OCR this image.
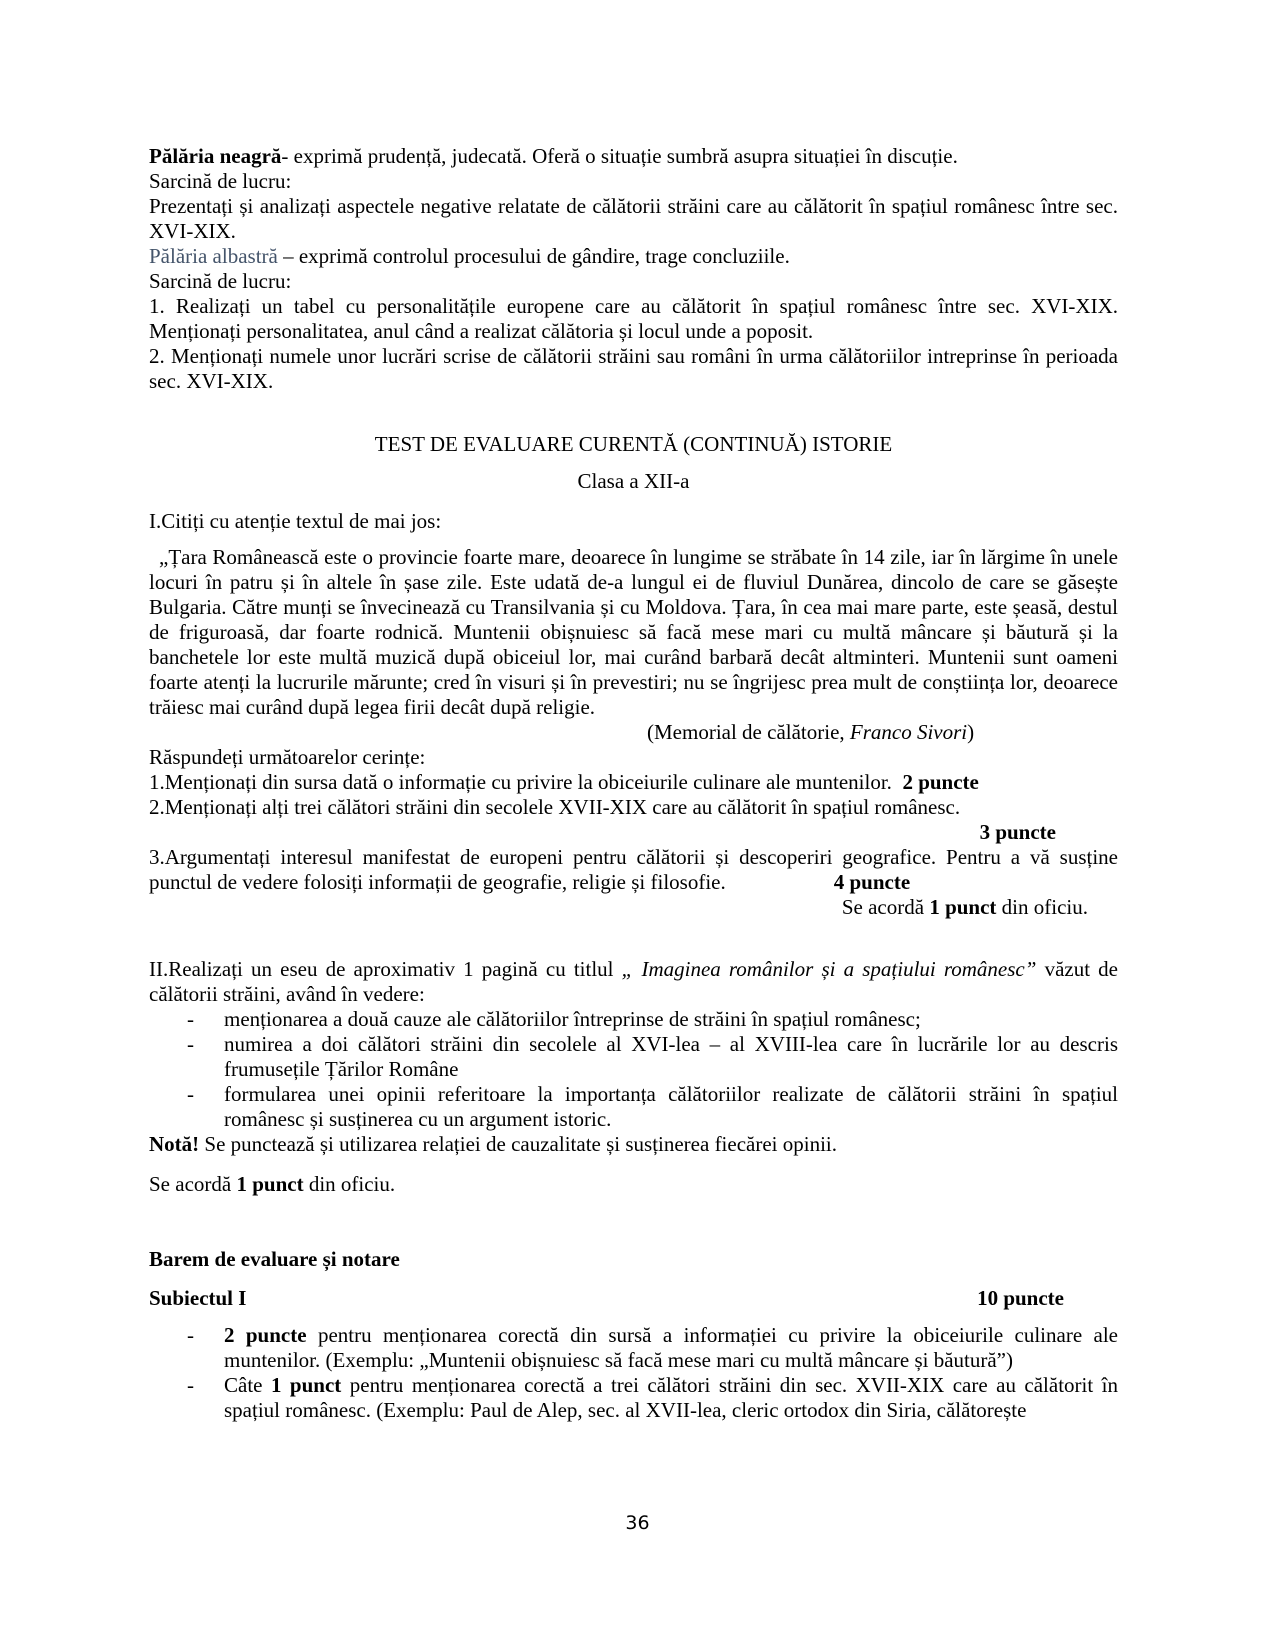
Pălăria neagră- exprimă prudență, judecată. Oferă o situație sumbră asupra situației în discuție.

Sarcină de lucru:

Prezentați și analizați aspectele negative relatate de călătorii străini care au călătorit în spațiul românesc între sec. XVI-XIX.

Pălăria albastră – exprimă controlul procesului de gândire, trage concluziile.

Sarcină de lucru:

1. Realizați un tabel cu personalitățile europene care au călătorit în spațiul românesc între sec. XVI-XIX. Menționați personalitatea, anul când a realizat călătoria și locul unde a poposit.

2. Menționați numele unor lucrări scrise de călătorii străini sau români în urma călătoriilor intreprinse în perioada sec. XVI-XIX.

TEST DE EVALUARE CURENTĂ (CONTINUĂ) ISTORIE
Clasa a XII-a
I.Citiți cu atenție textul de mai jos:

„Țara Românească este o provincie foarte mare, deoarece în lungime se străbate în 14 zile, iar în lărgime în unele locuri în patru și în altele în șase zile. Este udată de-a lungul ei de fluviul Dunărea, dincolo de care se găsește Bulgaria. Către munți se învecinează cu Transilvania și cu Moldova. Țara, în cea mai mare parte, este șeasă, destul de friguroasă, dar foarte rodnică. Muntenii obișnuiesc să facă mese mari cu multă mâncare și băutură și la banchetele lor este multă muzică după obiceiul lor, mai curând barbară decât altminteri. Muntenii sunt oameni foarte atenți la lucrurile mărunte; cred în visuri și în prevestiri; nu se îngrijesc prea mult de conștiința lor, deoarece trăiesc mai curând după legea firii decât după religie.

(Memorial de călătorie, Franco Sivori)

Răspundeți următoarelor cerințe:

1.Menționați din sursa dată o informație cu privire la obiceiurile culinare ale muntenilor. 2 puncte

2.Menționați alți trei călători străini din secolele XVII-XIX care au călătorit în spațiul românesc.

3 puncte

3.Argumentați interesul manifestat de europeni pentru călătorii și descoperiri geografice. Pentru a vă susține punctul de vedere folosiți informații de geografie, religie și filosofie.	4 puncte

Se acordă 1 punct din oficiu.

II.Realizați un eseu de aproximativ 1 pagină cu titlul „ Imaginea românilor și a spațiului românesc” văzut de călătorii străini, având în vedere:

- menționarea a două cauze ale călătoriilor întreprinse de străini în spațiul românesc;
- numirea a doi călători străini din secolele al XVI-lea – al XVIII-lea care în lucrările lor au descris frumusețile Țărilor Române
- formularea unei opinii referitoare la importanța călătoriilor realizate de călătorii străini în spațiul românesc și susținerea cu un argument istoric.

Notă! Se punctează și utilizarea relației de cauzalitate și susținerea fiecărei opinii.

Se acordă 1 punct din oficiu.
Barem de evaluare și notare
Subiectul I	10 puncte
- 2 puncte pentru menționarea corectă din sursă a informației cu privire la obiceiurile culinare ale muntenilor. (Exemplu: „Muntenii obișnuiesc să facă mese mari cu multă mâncare și băutură”)
- Câte 1 punct pentru menționarea corectă a trei călători străini din sec. XVII-XIX care au călătorit în spațiul românesc. (Exemplu: Paul de Alep, sec. al XVII-lea, cleric ortodox din Siria, călătorește
36
